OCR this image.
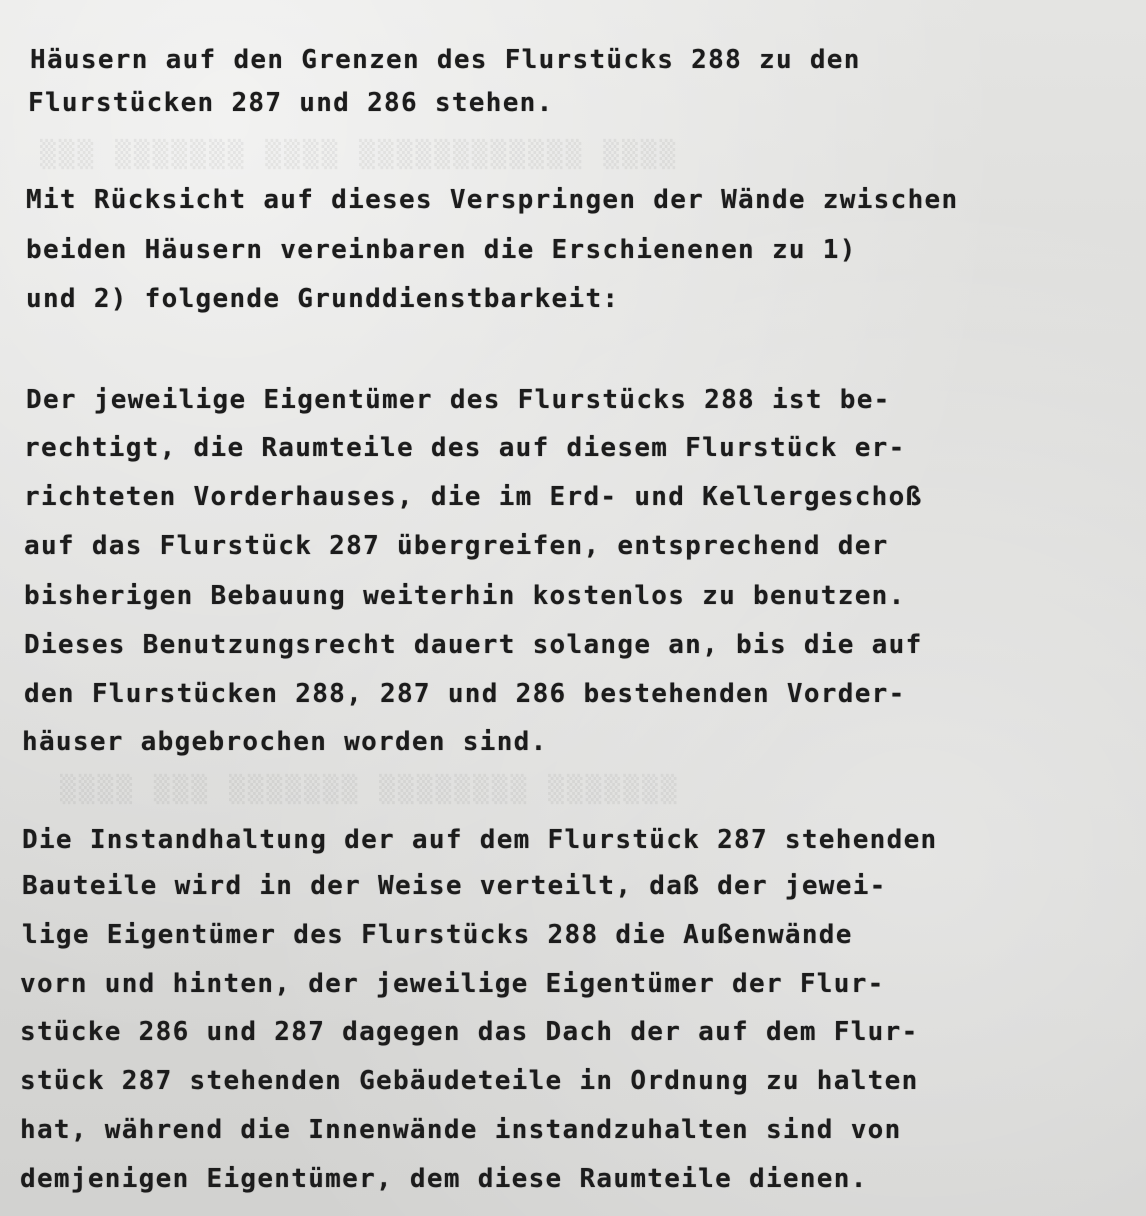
▒▒▒ ▒▒▒▒▒▒▒ ▒▒▒▒ ▒▒▒▒▒▒▒▒▒▒▒▒ ▒▒▒▒
▒▒▒▒ ▒▒▒ ▒▒▒▒▒▒▒ ▒▒▒▒▒▒▒▒ ▒▒▒▒▒▒▒
Häusern auf den Grenzen des Flurstücks 288 zu den
Flurstücken 287 und 286 stehen.
Mit Rücksicht auf dieses Verspringen der Wände zwischen
beiden Häusern vereinbaren die Erschienenen zu 1)
und 2) folgende Grunddienstbarkeit:
Der jeweilige Eigentümer des Flurstücks 288 ist be-
rechtigt, die Raumteile des auf diesem Flurstück er-
richteten Vorderhauses, die im Erd- und Kellergeschoß
auf das Flurstück 287 übergreifen, entsprechend der
bisherigen Bebauung weiterhin kostenlos zu benutzen.
Dieses Benutzungsrecht dauert solange an, bis die auf
den Flurstücken 288, 287 und 286 bestehenden Vorder-
häuser abgebrochen worden sind.
Die Instandhaltung der auf dem Flurstück 287 stehenden
Bauteile wird in der Weise verteilt, daß der jewei-
lige Eigentümer des Flurstücks 288 die Außenwände
vorn und hinten, der jeweilige Eigentümer der Flur-
stücke 286 und 287 dagegen das Dach der auf dem Flur-
stück 287 stehenden Gebäudeteile in Ordnung zu halten
hat, während die Innenwände instandzuhalten sind von
demjenigen Eigentümer, dem diese Raumteile dienen.
